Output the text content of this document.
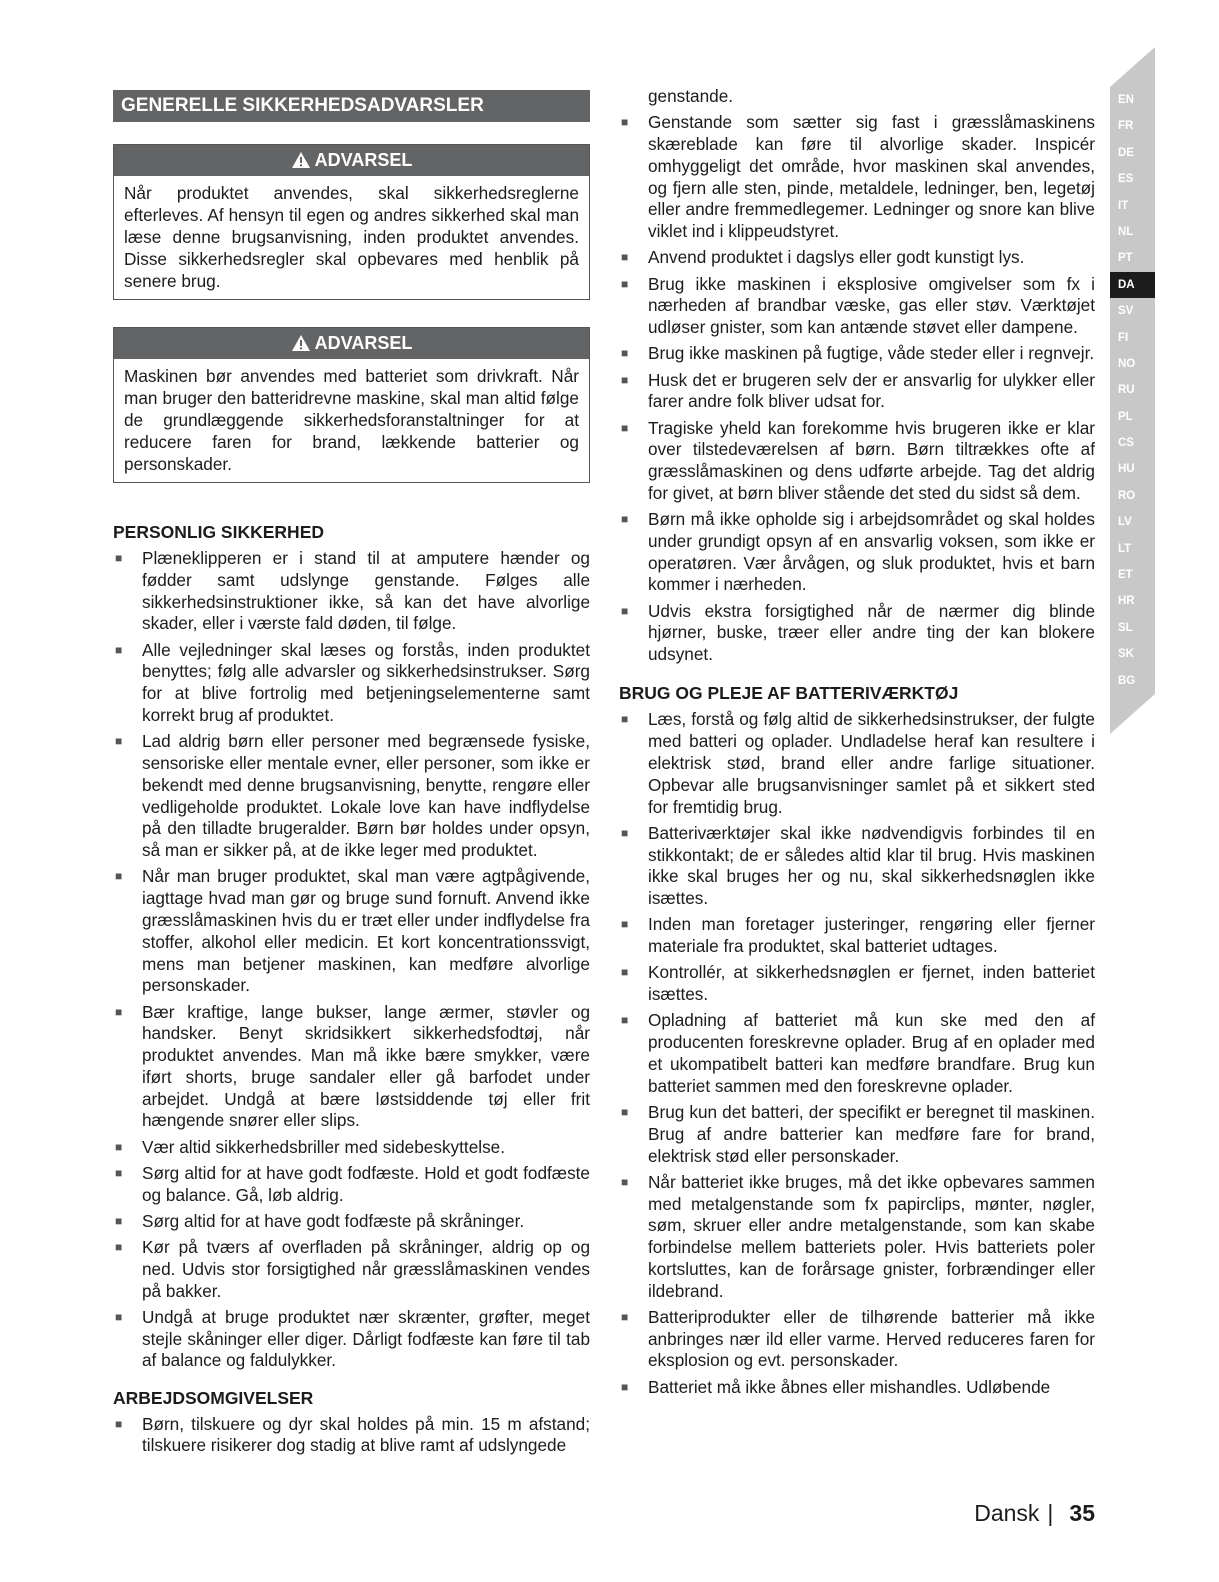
GENERELLE SIKKERHEDSADVARSLER
ADVARSEL
Når produktet anvendes, skal sikkerhedsreglerne efterleves. Af hensyn til egen og andres sikkerhed skal man læse denne brugsanvisning, inden produktet anvendes. Disse sikkerhedsregler skal opbevares med henblik på senere brug.
ADVARSEL
Maskinen bør anvendes med batteriet som drivkraft. Når man bruger den batteridrevne maskine, skal man altid følge de grundlæggende sikkerhedsforanstaltninger for at reducere faren for brand, lækkende batterier og personskader.
PERSONLIG SIKKERHED
■ Plæneklipperen er i stand til at amputere hænder og fødder samt udslynge genstande. Følges alle sikkerhedsinstruktioner ikke, så kan det have alvorlige skader, eller i værste fald døden, til følge.
■ Alle vejledninger skal læses og forstås, inden produktet benyttes; følg alle advarsler og sikkerhedsinstrukser. Sørg for at blive fortrolig med betjeningselementerne samt korrekt brug af produktet.
■ Lad aldrig børn eller personer med begrænsede fysiske, sensoriske eller mentale evner, eller personer, som ikke er bekendt med denne brugsanvisning, benytte, rengøre eller vedligeholde produktet. Lokale love kan have indflydelse på den tilladte brugeralder. Børn bør holdes under opsyn, så man er sikker på, at de ikke leger med produktet.
■ Når man bruger produktet, skal man være agtpågivende, iagttage hvad man gør og bruge sund fornuft. Anvend ikke græsslåmaskinen hvis du er træt eller under indflydelse fra stoffer, alkohol eller medicin. Et kort koncentrationssvigt, mens man betjener maskinen, kan medføre alvorlige personskader.
■ Bær kraftige, lange bukser, lange ærmer, støvler og handsker. Benyt skridsikkert sikkerhedsfodtøj, når produktet anvendes. Man må ikke bære smykker, være iført shorts, bruge sandaler eller gå barfodet under arbejdet. Undgå at bære løstsiddende tøj eller frit hængende snører eller slips.
■ Vær altid sikkerhedsbriller med sidebeskyttelse.
■ Sørg altid for at have godt fodfæste. Hold et godt fodfæste og balance. Gå, løb aldrig.
■ Sørg altid for at have godt fodfæste på skråninger.
■ Kør på tværs af overfladen på skråninger, aldrig op og ned. Udvis stor forsigtighed når græsslåmaskinen vendes på bakker.
■ Undgå at bruge produktet nær skrænter, grøfter, meget stejle skåninger eller diger. Dårligt fodfæste kan føre til tab af balance og faldulykker.
ARBEJDSOMGIVELSER
■ Børn, tilskuere og dyr skal holdes på min. 15 m afstand; tilskuere risikerer dog stadig at blive ramt af udslyngede
genstande.
■ Genstande som sætter sig fast i græsslåmaskinens skæreblade kan føre til alvorlige skader. Inspicér omhyggeligt det område, hvor maskinen skal anvendes, og fjern alle sten, pinde, metaldele, ledninger, ben, legetøj eller andre fremmedlegemer. Ledninger og snore kan blive viklet ind i klippeudstyret.
■ Anvend produktet i dagslys eller godt kunstigt lys.
■ Brug ikke maskinen i eksplosive omgivelser som fx i nærheden af brandbar væske, gas eller støv. Værktøjet udløser gnister, som kan antænde støvet eller dampene.
■ Brug ikke maskinen på fugtige, våde steder eller i regnvejr.
■ Husk det er brugeren selv der er ansvarlig for ulykker eller farer andre folk bliver udsat for.
■ Tragiske yheld kan forekomme hvis brugeren ikke er klar over tilstedeværelsen af børn. Børn tiltrækkes ofte af græsslåmaskinen og dens udførte arbejde. Tag det aldrig for givet, at børn bliver stående det sted du sidst så dem.
■ Børn må ikke opholde sig i arbejdsområdet og skal holdes under grundigt opsyn af en ansvarlig voksen, som ikke er operatøren. Vær årvågen, og sluk produktet, hvis et barn kommer i nærheden.
■ Udvis ekstra forsigtighed når de nærmer dig blinde hjørner, buske, træer eller andre ting der kan blokere udsynet.
BRUG OG PLEJE AF BATTERIVÆRKTØJ
■ Læs, forstå og følg altid de sikkerhedsinstrukser, der fulgte med batteri og oplader. Undladelse heraf kan resultere i elektrisk stød, brand eller andre farlige situationer. Opbevar alle brugsanvisninger samlet på et sikkert sted for fremtidig brug.
■ Batteriværktøjer skal ikke nødvendigvis forbindes til en stikkontakt; de er således altid klar til brug. Hvis maskinen ikke skal bruges her og nu, skal sikkerhedsnøglen ikke isættes.
■ Inden man foretager justeringer, rengøring eller fjerner materiale fra produktet, skal batteriet udtages.
■ Kontrollér, at sikkerhedsnøglen er fjernet, inden batteriet isættes.
■ Opladning af batteriet må kun ske med den af producenten foreskrevne oplader. Brug af en oplader med et ukompatibelt batteri kan medføre brandfare. Brug kun batteriet sammen med den foreskrevne oplader.
■ Brug kun det batteri, der specifikt er beregnet til maskinen. Brug af andre batterier kan medføre fare for brand, elektrisk stød eller personskader.
■ Når batteriet ikke bruges, må det ikke opbevares sammen med metalgenstande som fx papirclips, mønter, nøgler, søm, skruer eller andre metalgenstande, som kan skabe forbindelse mellem batteriets poler. Hvis batteriets poler kortsluttes, kan de forårsage gnister, forbrændinger eller ildebrand.
■ Batteriprodukter eller de tilhørende batterier må ikke anbringes nær ild eller varme. Herved reduceres faren for eksplosion og evt. personskader.
■ Batteriet må ikke åbnes eller mishandles. Udløbende
EN
FR
DE
ES
IT
NL
PT
DA
SV
FI
NO
RU
PL
CS
HU
RO
LV
LT
ET
HR
SL
SK
BG
Dansk | 35
